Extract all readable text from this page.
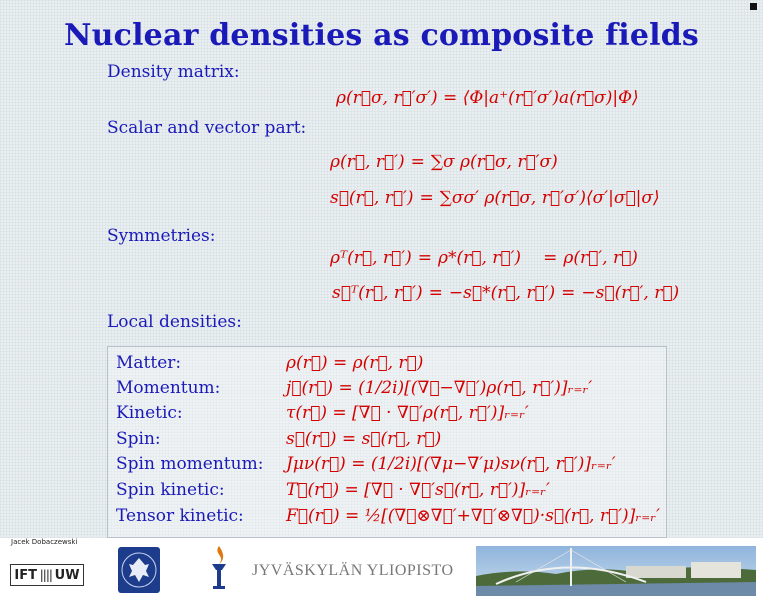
Nuclear densities as composite fields
Density matrix:
ρ(r⃗σ, r⃗′σ′) = ⟨Φ|a⁺(r⃗′σ′)a(r⃗σ)|Φ⟩
Scalar and vector part:
ρ(r⃗, r⃗′) = ∑σ ρ(r⃗σ, r⃗′σ)
s⃗(r⃗, r⃗′) = ∑σσ′ ρ(r⃗σ, r⃗′σ′)⟨σ′|σ⃗|σ⟩
Symmetries:
ρᵀ(r⃗, r⃗′) = ρ*(r⃗, r⃗′) = ρ(r⃗′, r⃗)
s⃗ᵀ(r⃗, r⃗′) = −s⃗*(r⃗, r⃗′) = −s⃗(r⃗′, r⃗)
Local densities:
Matter:	ρ(r⃗) = ρ(r⃗, r⃗)
Momentum:	j⃗(r⃗) = (1/2i)[(∇⃗−∇⃗′)ρ(r⃗, r⃗′)]ᵣ₌ᵣ′
Kinetic:	τ(r⃗) = [∇⃗ · ∇⃗′ρ(r⃗, r⃗′)]ᵣ₌ᵣ′
Spin:	s⃗(r⃗) = s⃗(r⃗, r⃗)
Spin momentum: Jμν(r⃗) = (1/2i)[(∇μ−∇′μ)sν(r⃗, r⃗′)]ᵣ₌ᵣ′
Spin kinetic:	T⃗(r⃗) = [∇⃗ · ∇⃗′s⃗(r⃗, r⃗′)]ᵣ₌ᵣ′
Tensor kinetic: F⃗(r⃗) = ½[(∇⃗⊗∇⃗′+∇⃗′⊗∇⃗)·s⃗(r⃗, r⃗′)]ᵣ₌ᵣ′
Jacek Dobaczewski
IFT |||| UW	JYVÄSKYLÄN YLIOPISTO
